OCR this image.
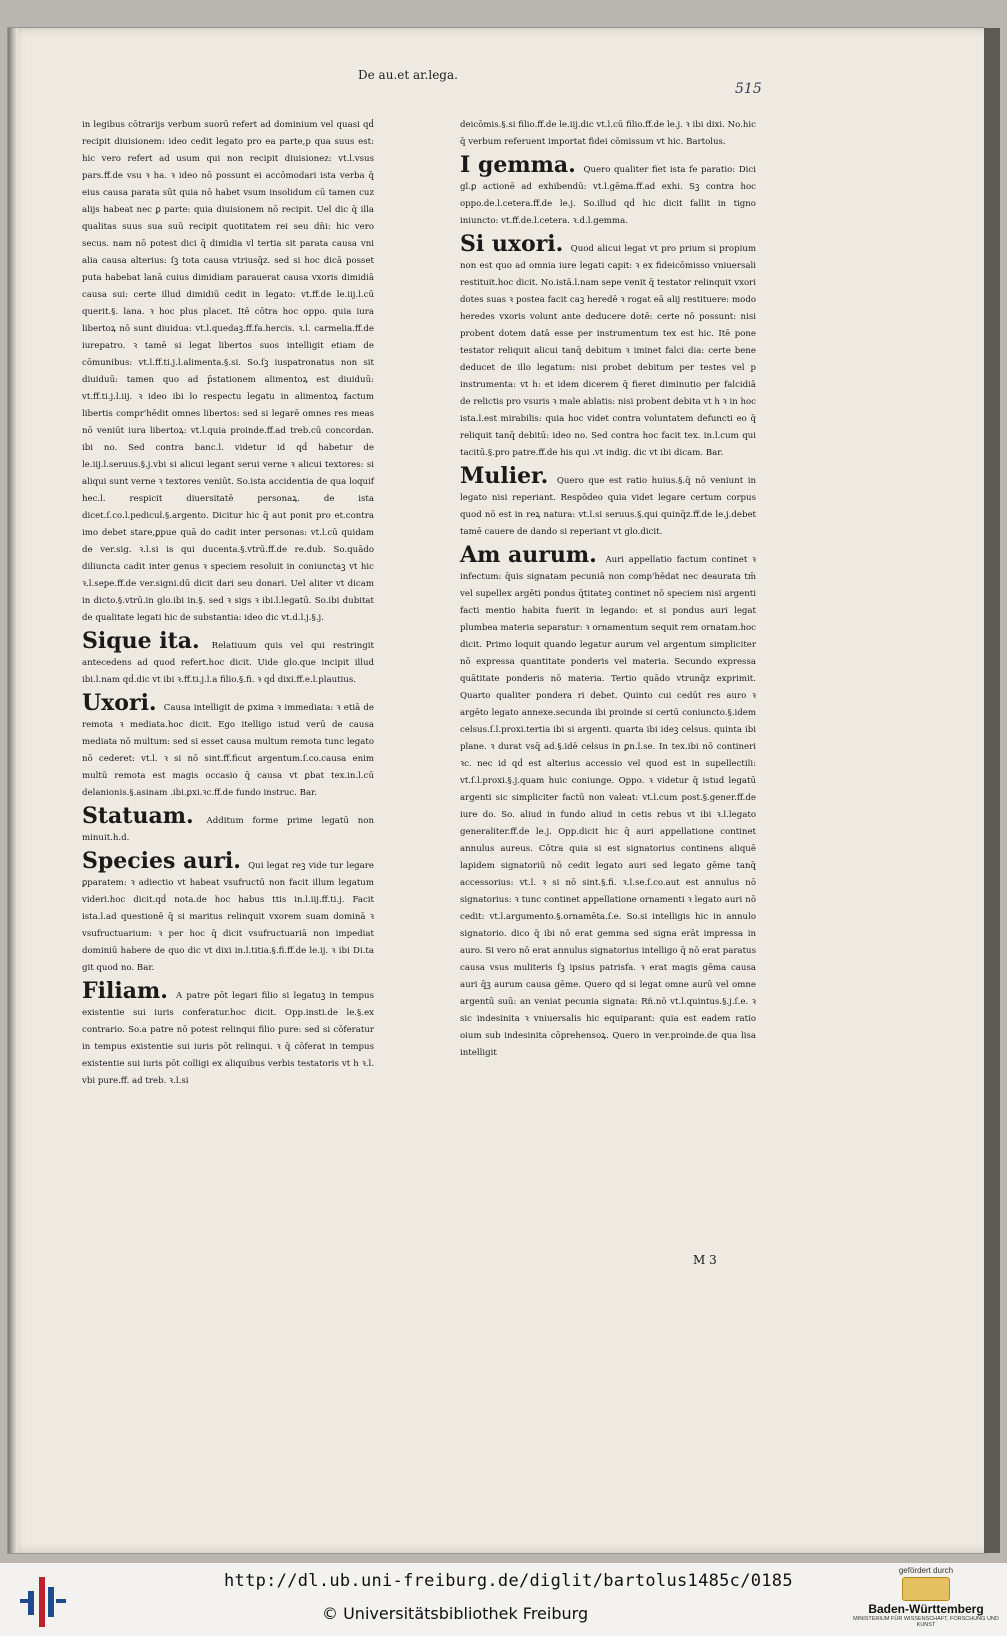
De au.et ar.lega.
515
in legibus cōtrarijs verbum suorū refert ad dominium vel quasi qḋ recipit diuisionem: ideo cedit legato pro ea parte,p qua suus est: hic vero refert ad usum qui non recipit diuisionez: vt.l.vsus pars.ff.de vsu ꝛ ha. ꝛ ideo nō possunt ei accōmodari ista verba q̄ eius causa parata sūt quia nō habet vsum insolidum cū tamen cuz alijs habeat nec ꝑ parte: quia diuisionem nō recipit. Uel dic q̄ illa qualitas suus sua suū recipit quotitatem rei seu dn̄i: hic vero secus. nam nō potest dici q̄ dimidia vl tertia sit parata causa vni alia causa alterius: ſꝫ tota causa vtriusq̄z. sed si hoc dicā posset puta habebat lanā cuius dimidiam parauerat causa vxoris dimidiā causa sui: certe illud dimidiū cedit in legato: vt.ff.de le.iij.l.cū querit.§. lana. ꝛ hoc plus placet. Itē cōtra hoc oppo. quia iura libertoꝝ nō sunt diuidua: vt.l.quedaꝫ.ff.fa.hercis. ꝛ.l. carmelia.ff.de iurepatro. ꝛ tamē si legat libertos suos intelligit etiam de cōmunibus: vt.l.ff.ti.j.l.alimenta.§.si. So.ſꝫ iuspatronatus non sit diuiduū: tamen quo ad p̄stationem alimentoꝝ est diuiduū: vt.ff.ti.j.l.iij. ꝛ ideo ibi lo respectu legatu in alimentoꝝ factum libertis compr'hēdit omnes libertos: sed si legarē omnes res meas nō veniūt iura libertoꝝ: vt.l.quia proinde.ff.ad treb.cū concordan. ibi no. Sed contra banc.l. videtur id qḋ habetur de le.iij.l.seruus.§.j.vbi si alicui legant serui verne ꝛ alicui textores: si aliqui sunt verne ꝛ textores veniūt. So.ista accidentia de qua loquif hec.l. respicit diuersitatē personaꝝ. de ista dicet.ſ.co.l.pedicul.§.argento. Dicitur hic q̄ aut ponit pro et.contra imo debet stare,ꝑpue quā do cadit inter personas: vt.l.cū quidam de ver.sig. ꝛ.l.si is qui ducenta.§.vtrū.ff.de re.dub. So.quādo diliuncta cadit inter genus ꝛ speciem resoluit in coniunctaꝫ vt hic ꝛ.l.sepe.ff.de ver.signi.dū dicit dari seu donari. Uel aliter vt dicam in dicto.§.vtrū.in glo.ibi in.§. sed ꝛ sigs ꝛ ibi.l.legatū. So.ibi dubitat de qualitate legati hic de substantia: ideo dic vt.d.l.j.§.j.
Sique ita. Relatiuum quis vel qui restringit antecedens ad quod refert.hoc dicit. Uide glo.que incipit illud ibi.l.nam qḋ.dic vt ibi ꝛ.ff.ti.j.l.a filio.§.fi. ꝛ qḋ dixi.ff.e.l.plautius.
Uxori. Causa intelligit de ꝑxima ꝛ immediata: ꝛ etiā de remota ꝛ mediata.hoc dicit. Ego itelligo istud verū de causa mediata nō multum: sed si esset causa multum remota tunc legato nō cederet: vt.l. ꝛ si nō sint.ff.ficut argentum.ſ.co.causa enim multū remota est magis occasio q̄ causa vt ꝑbat tex.in.l.cū delanionis.§.asinam .ibi.ꝑxi.ꝛc.ff.de fundo instruc. Bar.
Statuam. Additum forme prime legatū non minuit.h.d.
Species auri. Qui legat reꝫ vide tur legare ꝑparatem: ꝛ adiectio vt habeat vsufructū non facit illum legatum videri.hoc dicit.qḋ nota.de hoc habus ttis in.l.iij.ff.ti.j. Facit ista.l.ad questionē q̄ si maritus relinquit vxorem suam dominā ꝛ vsufructuarium: ꝛ per hoc q̄ dicit vsufructuariā non impediat dominiū habere de quo dic vt dixi in.l.titia.§.fi.ff.de le.ij. ꝛ ibi Di.ta git quod no. Bar.
Filiam. A patre pōt legari filio si legatuꝫ in tempus existentie sui iuris conferatur.hoc dicit. Opp.insti.de le.§.ex contrario. So.a patre nō potest relinqui filio pure: sed si cōferatur in tempus existentie sui iuris pōt relinqui. ꝛ q̄ cōferat in tempus existentie sui iuris pōt colligi ex aliquibus verbis testatoris vt h ꝛ.l. vbi pure.ff. ad treb. ꝛ.l.si
deicōmis.§.si filio.ff.de le.iij.dic vt.l.cū filio.ff.de le.j. ꝛ ibi dixi. No.hic q̄ verbum referuent importat fidei cōmissum vt hic. Bartolus.
I gemma. Quero qualiter fiet ista fe paratio: Dici gl.ꝑ actionē ad exhibendū: vt.l.gēma.ff.ad exhi. Sꝫ contra hoc oppo.de.l.cetera.ff.de le.j. So.illud qḋ hic dicit fallit in tigno iniuncto: vt.ff.de.l.cetera. ꝛ.d.l.gemma.
Si uxori. Quod alicui legat vt pro prium si propium non est quo ad omnia iure legati capit: ꝛ ex fideicōmisso vniuersali restituit.hoc dicit. No.istā.l.nam sepe venit q̄ testator relinquit vxori dotes suas ꝛ postea facit caꝫ heredē ꝛ rogat eā alij restituere: modo heredes vxoris volunt ante deducere dotē: certe nō possunt: nisi probent dotem datā esse per instrumentum tex est hic. Itē pone testator reliquit alicui tanq̄ debitum ꝛ iminet falci dia: certe bene deducet de illo legatum: nisi probet debitum per testes vel p instrumenta: vt h: et idem dicerem q̄ fieret diminutio per falcidiā de relictis pro vsuris ꝛ male ablatis: nisi probent debita vt h ꝛ in hoc ista.l.est mirabilis: quia hoc videt contra voluntatem defuncti eo q̄ reliquit tanq̄ debitū: ideo no. Sed contra hoc facit tex. in.l.cum qui tacitū.§.pro patre.ff.de his qui .vt indig. dic vt ibi dicam. Bar.
Mulier. Quero que est ratio huius.§.q̄ nō veniunt in legato nisi reperiant. Respōdeo quia videt legare certum corpus quod nō est in reꝝ natura: vt.l.si seruus.§.qui quinq̄z.ff.de le.j.debet tamē cauere de dando si reperiant vt glo.dicit.
Am aurum. Auri appellatio factum continet ꝛ infectum: q̄uis signatam pecuniā non comp'hēdat nec deaurata tm̄ vel supellex argēti pondus q̄titateꝫ continet nō speciem nisi argenti facti mentio habita fuerit in legando: et si pondus auri legat plumbea materia separatur: ꝛ ornamentum sequit rem ornatam.hoc dicit. Primo loquit quando legatur aurum vel argentum simpliciter nō expressa quantitate ponderis vel materia. Secundo expressa quātitate ponderis nō materia. Tertio quādo vtrunq̄z exprimit. Quarto qualiter pondera ri debet. Quinto cui cedūt res auro ꝛ argēto legato annexe.secunda ibi proinde si certū coniuncto.§.idem celsus.ſ.l.proxi.tertia ibi si argenti. quarta ibi ideꝫ celsus. quinta ibi plane. ꝛ durat vsq̄ ad.§.idē celsus in ꝑn.l.se. In tex.ibi nō contineri ꝛc. nec id qḋ est alterius accessio vel quod est in supellectili: vt.ſ.l.proxi.§.j.quam huic coniunge. Oppo. ꝛ videtur q̄ istud legatū argenti sic simpliciter factū non valeat: vt.l.cum post.§.gener.ff.de iure do. So. aliud in fundo aliud in cetis rebus vt ibi ꝛ.l.legato generaliter.ff.de le.j. Opp.dicit hic q̄ auri appellatione continet annulus aureus. Cōtra quia si est signatorius continens aliquē lapidem signatoriū nō cedit legato auri sed legato gēme tanq̄ accessorius: vt.l. ꝛ si nō sint.§.fi. ꝛ.l.se.ſ.co.aut est annulus nō signatorius: ꝛ tunc continet appellatione ornamenti ꝛ legato auri nō cedit: vt.l.argumento.§.ornamēta.ſ.e. So.si intelligis hic in annulo signatorio. dico q̄ ibi nō erat gemma sed signa erāt impressa in auro. Si vero nō erat annulus signatorius intelligo q̄ nō erat paratus causa vsus muliteris ſꝫ ipsius patrisfa. ꝛ erat magis gēma causa auri q̄ꝫ aurum causa gēme. Quero qd si legat omne aurū vel omne argentū suū: an veniat pecunia signata: Rñ.nō vt.l.quintus.§.j.ſ.e. ꝛ sic indesinita ꝛ vniuersalis hic equiparant: quia est eadem ratio oium sub indesinita cōprehensoꝝ. Quero in ver.proinde.de qua lisa intelligit
M 3
http://dl.ub.uni-freiburg.de/diglit/bartolus1485c/0185
© Universitätsbibliothek Freiburg
gefördert durch
Baden-Württemberg
MINISTERIUM FÜR WISSENSCHAFT, FORSCHUNG UND KUNST
